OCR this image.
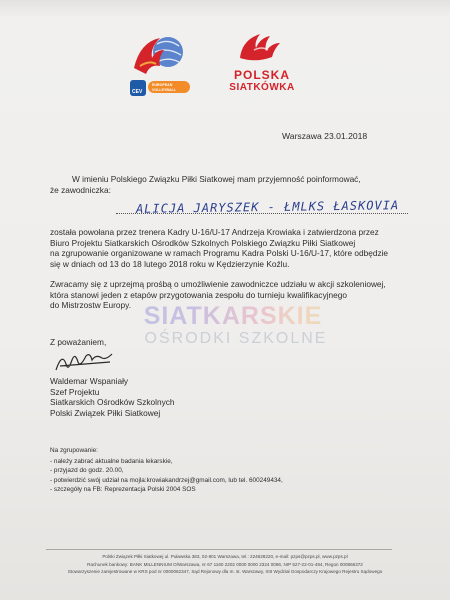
CEV
EUROPEAN
VOLLEYBALL
POLSKA
SIATKÓWKA
SIATKARSKIE
OŚRODKI SZKOLNE
Warszawa 23.01.2018
W imieniu Polskiego Związku Piłki Siatkowej mam przyjemność poinformować,
że zawodniczka:
ALICJA JARYSZEK - ŁMLKS ŁASKOVIA
została powołana przez trenera Kadry U-16/U-17 Andrzeja Krowiaka i zatwierdzona przez
Biuro Projektu Siatkarskich Ośrodków Szkolnych Polskiego Związku Piłki Siatkowej
na zgrupowanie organizowane w ramach Programu Kadra Polski U-16/U-17, które odbędzie
się w dniach od 13 do 18 lutego 2018 roku w Kędzierzynie Koźlu.
Zwracamy się z uprzejmą prośbą o umożliwienie zawodniczce udziału w akcji szkoleniowej,
która stanowi jeden z etapów przygotowania zespołu do turnieju kwalifikacyjnego
do Mistrzostw Europy.
Z poważaniem,
Waldemar Wspaniały
Szef Projektu
Siatkarskich Ośrodków Szkolnych
Polski Związek Piłki Siatkowej
Na zgrupowanie:
- należy zabrać aktualne badania lekarskie,
- przyjazd do godz. 20.00,
- potwierdzić swój udział na mojla:krowiakandrzej@gmail.com, lub tel. 600249434,
- szczegóły na FB: Reprezentacja Polski 2004 SOS
Polski Związek Piłki Siatkowej ul. Puławska 383, 02-801 Warszawa, tel.: 224628220, e-mail: pzps@pzps.pl, www.pzps.pl
Rachunek bankowy: BANK MILLENNIUM O/Warszawa, nr 67 1160 2202 0000 0000 2324 0086, NIP 527-22-01-494, Regon 000866372
Stowarzyszenie zarejestrowane w KRS pod nr 0000062347, Sąd Rejonowy dla m. st. Warszawy, XIII Wydział Gospodarczy Krajowego Rejestru Sądowego
